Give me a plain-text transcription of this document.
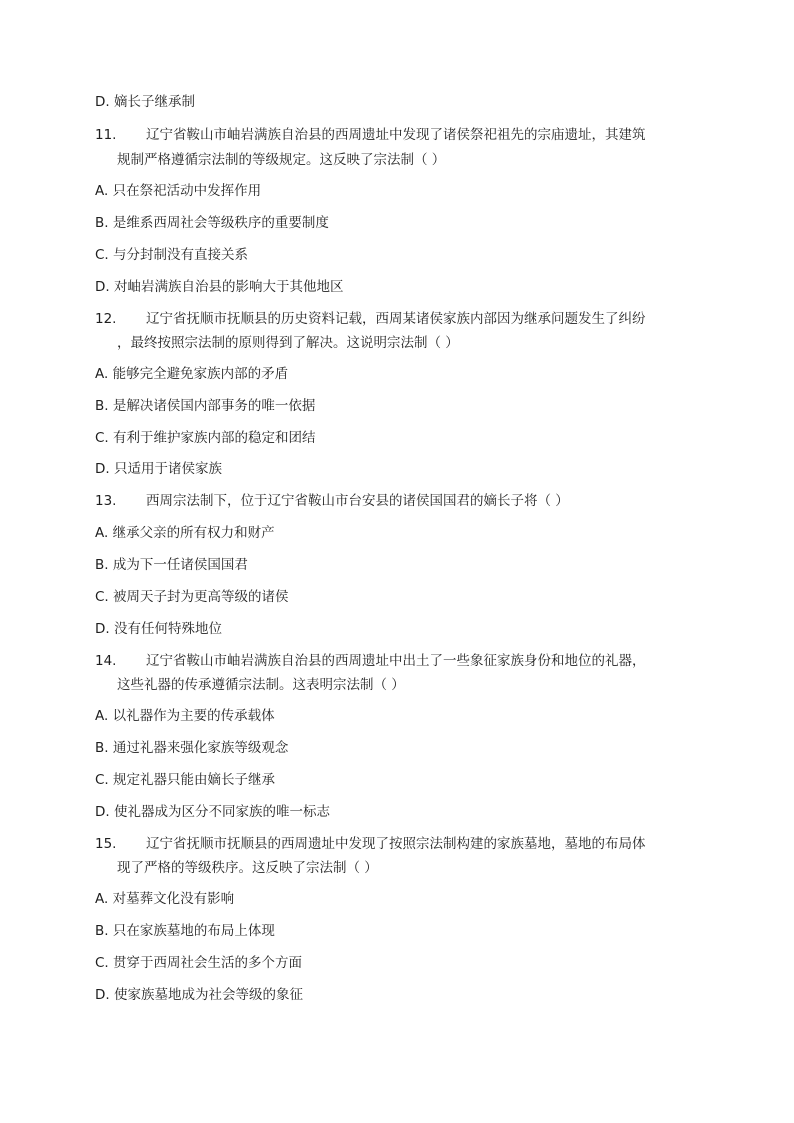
D. 嫡长子继承制
11. 辽宁省鞍山市岫岩满族自治县的西周遗址中发现了诸侯祭祀祖先的宗庙遗址，其建筑
规制严格遵循宗法制的等级规定。这反映了宗法制（ ）
A. 只在祭祀活动中发挥作用
B. 是维系西周社会等级秩序的重要制度
C. 与分封制没有直接关系
D. 对岫岩满族自治县的影响大于其他地区
12. 辽宁省抚顺市抚顺县的历史资料记载，西周某诸侯家族内部因为继承问题发生了纠纷
，最终按照宗法制的原则得到了解决。这说明宗法制（ ）
A. 能够完全避免家族内部的矛盾
B. 是解决诸侯国内部事务的唯一依据
C. 有利于维护家族内部的稳定和团结
D. 只适用于诸侯家族
13. 西周宗法制下，位于辽宁省鞍山市台安县的诸侯国国君的嫡长子将（ ）
A. 继承父亲的所有权力和财产
B. 成为下一任诸侯国国君
C. 被周天子封为更高等级的诸侯
D. 没有任何特殊地位
14. 辽宁省鞍山市岫岩满族自治县的西周遗址中出土了一些象征家族身份和地位的礼器，
这些礼器的传承遵循宗法制。这表明宗法制（ ）
A. 以礼器作为主要的传承载体
B. 通过礼器来强化家族等级观念
C. 规定礼器只能由嫡长子继承
D. 使礼器成为区分不同家族的唯一标志
15. 辽宁省抚顺市抚顺县的西周遗址中发现了按照宗法制构建的家族墓地，墓地的布局体
现了严格的等级秩序。这反映了宗法制（ ）
A. 对墓葬文化没有影响
B. 只在家族墓地的布局上体现
C. 贯穿于西周社会生活的多个方面
D. 使家族墓地成为社会等级的象征
